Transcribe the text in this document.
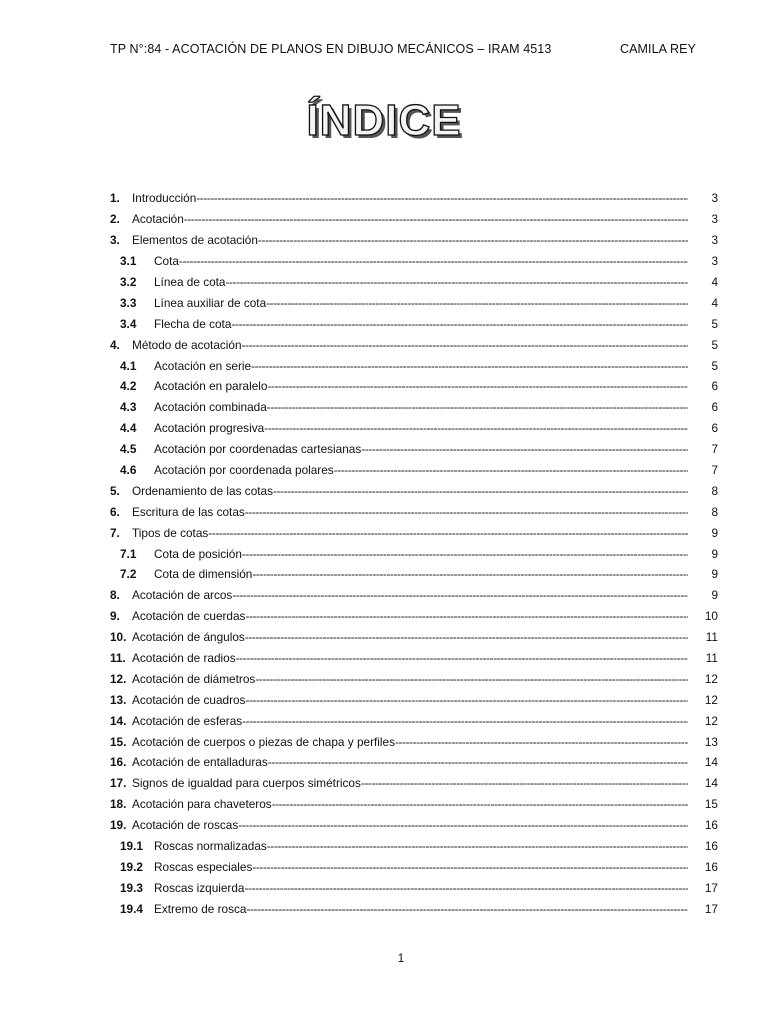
TP N°:84 - ACOTACIÓN DE PLANOS EN DIBUJO MECÁNICOS – IRAM 4513	CAMILA REY
ÍNDICE
1.	Introducción -----	3
2.	Acotación -----	3
3.	Elementos de acotación -----	3
3.1	Cota -----	3
3.2	Línea de cota -----	4
3.3	Línea auxiliar de cota -----	4
3.4	Flecha de cota -----	5
4.	Método de acotación -----	5
4.1	Acotación en serie -----	5
4.2	Acotación en paralelo -----	6
4.3	Acotación combinada -----	6
4.4	Acotación progresiva -----	6
4.5	Acotación por coordenadas cartesianas -----	7
4.6	Acotación por coordenada polares -----	7
5.	Ordenamiento de las cotas -----	8
6.	Escritura de las cotas -----	8
7.	Tipos de cotas -----	9
7.1	Cota de posición -----	9
7.2	Cota de dimensión -----	9
8.	Acotación de arcos -----	9
9.	Acotación de cuerdas -----	10
10. Acotación de ángulos -----	11
11. Acotación de radios -----	11
12. Acotación de diámetros -----	12
13. Acotación de cuadros -----	12
14. Acotación de esferas -----	12
15. Acotación de cuerpos o piezas de chapa y perfiles -----	13
16. Acotación de entalladuras -----	14
17. Signos de igualdad para cuerpos simétricos -----	14
18. Acotación para chaveteros -----	15
19. Acotación de roscas -----	16
19.1 Roscas normalizadas -----	16
19.2 Roscas especiales -----	16
19.3 Roscas izquierda -----	17
19.4 Extremo de rosca -----	17
1
